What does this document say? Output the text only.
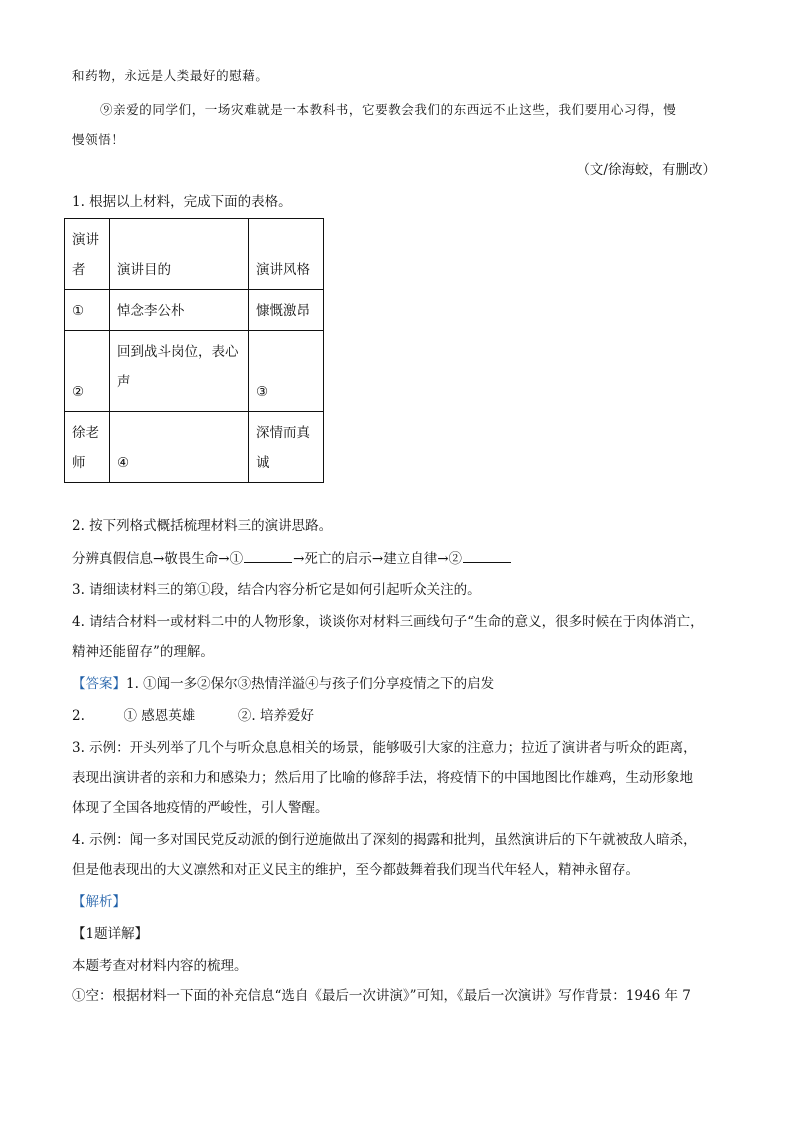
和药物，永远是人类最好的慰藉。
⑨亲爱的同学们，一场灾难就是一本教科书，它要教会我们的东西远不止这些，我们要用心习得，慢
慢领悟！
（文/徐海蛟，有删改）
1. 根据以上材料，完成下面的表格。
演讲者	演讲目的	演讲风格
①	悼念李公朴	慷慨激昂
②	回到战斗岗位，表心声	③
徐老师	④	深情而真诚
2. 按下列格式概括梳理材料三的演讲思路。
分辨真假信息→敬畏生命→①	→死亡的启示→建立自律→②
3. 请细读材料三的第①段，结合内容分析它是如何引起听众关注的。
4. 请结合材料一或材料二中的人物形象，谈谈你对材料三画线句子“生命的意义，很多时候在于肉体消亡，
精神还能留存”的理解。
【答案】1. ①闻一多②保尔③热情洋溢④与孩子们分享疫情之下的启发
2.	① 感恩英雄	②. 培养爱好
3. 示例：开头列举了几个与听众息息相关的场景，能够吸引大家的注意力；拉近了演讲者与听众的距离，
表现出演讲者的亲和力和感染力；然后用了比喻的修辞手法，将疫情下的中国地图比作雄鸡，生动形象地
体现了全国各地疫情的严峻性，引人警醒。
4. 示例：闻一多对国民党反动派的倒行逆施做出了深刻的揭露和批判，虽然演讲后的下午就被敌人暗杀，
但是他表现出的大义凛然和对正义民主的维护，至今都鼓舞着我们现当代年轻人，精神永留存。
【解析】
【1题详解】
本题考查对材料内容的梳理。
①空：根据材料一下面的补充信息“选自《最后一次讲演》”可知，《最后一次演讲》写作背景：1946 年 7
